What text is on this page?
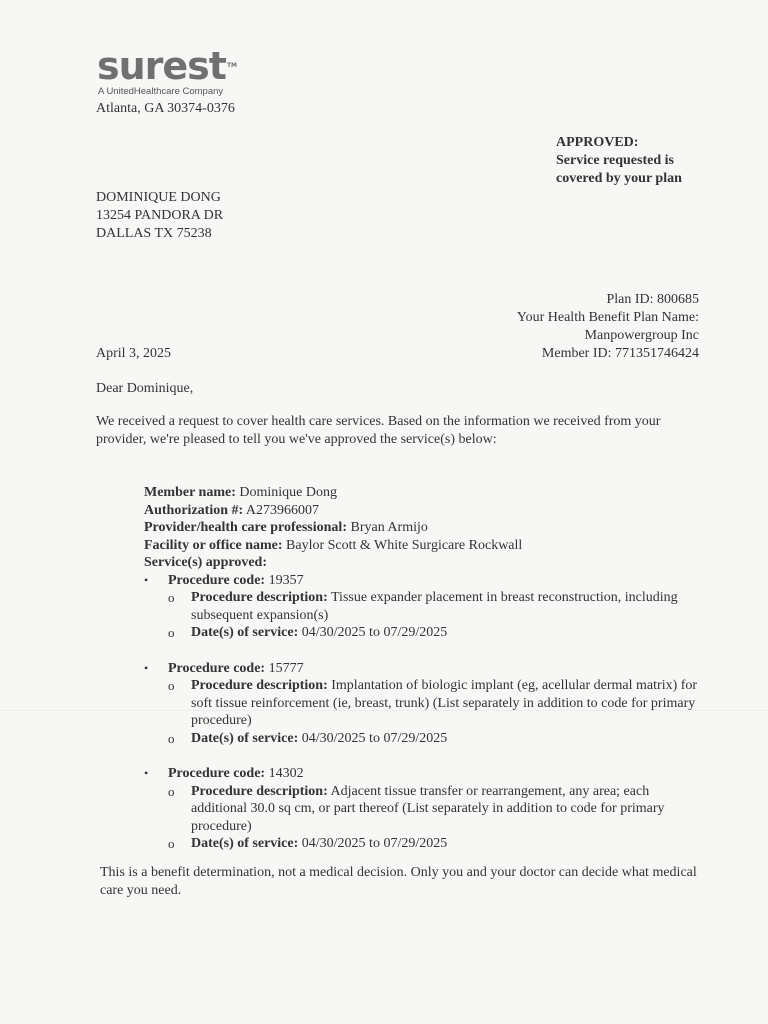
surestTM
A UnitedHealthcare Company
Atlanta, GA 30374-0376
APPROVED:
Service requested is
covered by your plan
DOMINIQUE DONG
13254 PANDORA DR
DALLAS TX 75238
Plan ID: 800685
Your Health Benefit Plan Name:
Manpowergroup Inc
Member ID: 771351746424
April 3, 2025
Dear Dominique,
We received a request to cover health care services. Based on the information we received from your provider, we're pleased to tell you we've approved the service(s) below:
Member name: Dominique Dong
Authorization #: A273966007
Provider/health care professional: Bryan Armijo
Facility or office name: Baylor Scott & White Surgicare Rockwall
Service(s) approved:
• Procedure code: 19357
o Procedure description: Tissue expander placement in breast reconstruction, including subsequent expansion(s)
o Date(s) of service: 04/30/2025 to 07/29/2025
• Procedure code: 15777
o Procedure description: Implantation of biologic implant (eg, acellular dermal matrix) for soft tissue reinforcement (ie, breast, trunk) (List separately in addition to code for primary procedure)
o Date(s) of service: 04/30/2025 to 07/29/2025
• Procedure code: 14302
o Procedure description: Adjacent tissue transfer or rearrangement, any area; each additional 30.0 sq cm, or part thereof (List separately in addition to code for primary procedure)
o Date(s) of service: 04/30/2025 to 07/29/2025
This is a benefit determination, not a medical decision. Only you and your doctor can decide what medical care you need.
